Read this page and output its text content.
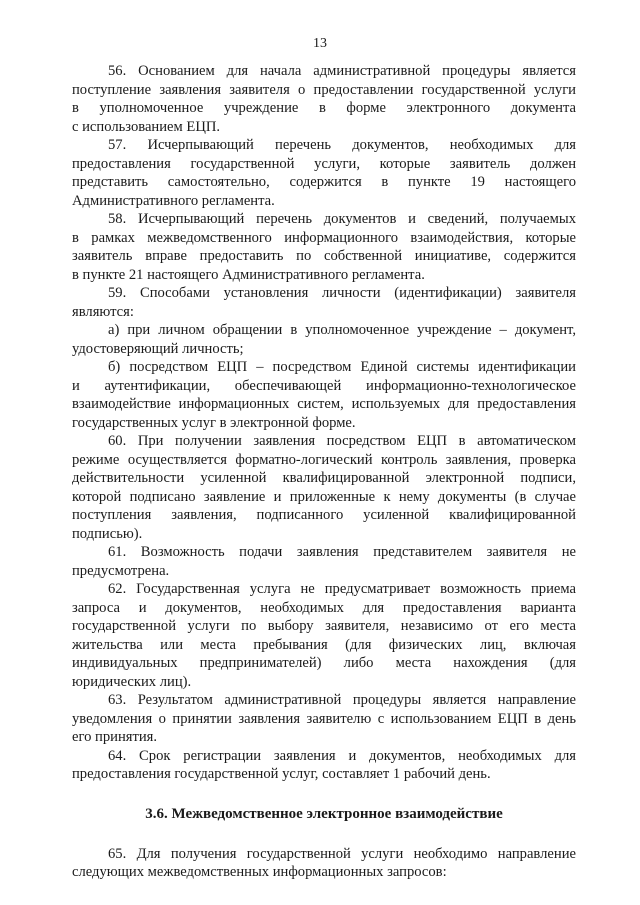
13
56. Основанием для начала административной процедуры является
поступление заявления заявителя о предоставлении государственной услуги
в уполномоченное учреждение в форме электронного документа
с использованием ЕЦП.
57. Исчерпывающий перечень документов, необходимых для
предоставления государственной услуги, которые заявитель должен
представить самостоятельно, содержится в пункте 19 настоящего
Административного регламента.
58. Исчерпывающий перечень документов и сведений, получаемых
в рамках межведомственного информационного взаимодействия, которые
заявитель вправе предоставить по собственной инициативе, содержится
в пункте 21 настоящего Административного регламента.
59. Способами установления личности (идентификации) заявителя
являются:
а) при личном обращении в уполномоченное учреждение – документ,
удостоверяющий личность;
б) посредством ЕЦП – посредством Единой системы идентификации
и аутентификации, обеспечивающей информационно-технологическое
взаимодействие информационных систем, используемых для предоставления
государственных услуг в электронной форме.
60. При получении заявления посредством ЕЦП в автоматическом
режиме осуществляется форматно-логический контроль заявления, проверка
действительности усиленной квалифицированной электронной подписи,
которой подписано заявление и приложенные к нему документы (в случае
поступления заявления, подписанного усиленной квалифицированной
подписью).
61. Возможность подачи заявления представителем заявителя не
предусмотрена.
62. Государственная услуга не предусматривает возможность приема
запроса и документов, необходимых для предоставления варианта
государственной услуги по выбору заявителя, независимо от его места
жительства или места пребывания (для физических лиц, включая
индивидуальных предпринимателей) либо места нахождения (для
юридических лиц).
63. Результатом административной процедуры является направление
уведомления о принятии заявления заявителю с использованием ЕЦП в день
его принятия.
64. Срок регистрации заявления и документов, необходимых для
предоставления государственной услуг, составляет 1 рабочий день.
3.6. Межведомственное электронное взаимодействие
65. Для получения государственной услуги необходимо направление
следующих межведомственных информационных запросов:
